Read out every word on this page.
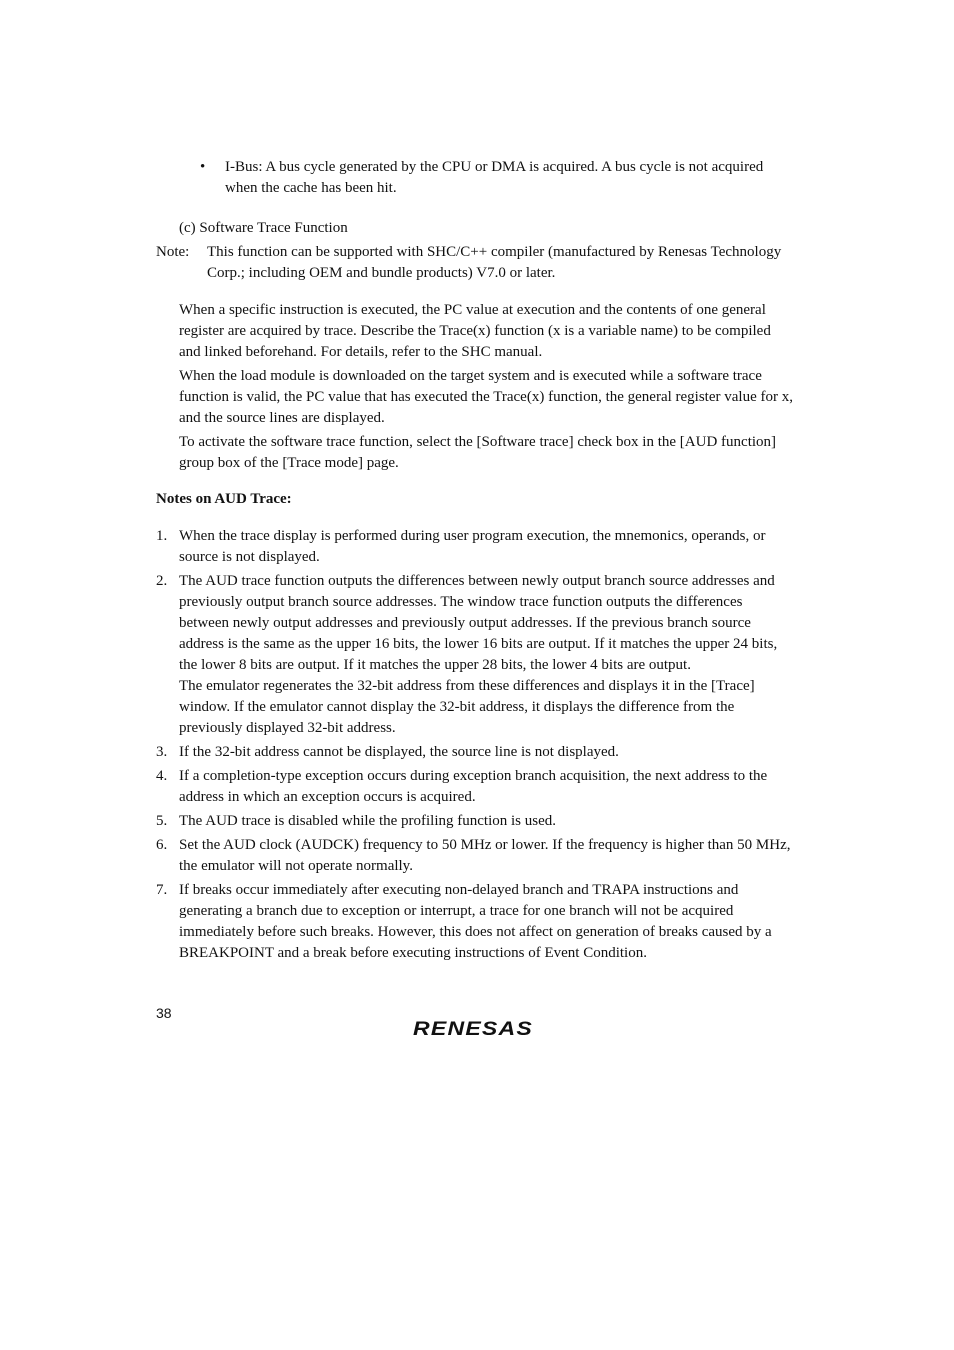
• I-Bus: A bus cycle generated by the CPU or DMA is acquired. A bus cycle is not acquired when the cache has been hit.
(c) Software Trace Function
Note: This function can be supported with SHC/C++ compiler (manufactured by Renesas Technology Corp.; including OEM and bundle products) V7.0 or later.

When a specific instruction is executed, the PC value at execution and the contents of one general register are acquired by trace. Describe the Trace(x) function (x is a variable name) to be compiled and linked beforehand. For details, refer to the SHC manual.

When the load module is downloaded on the target system and is executed while a software trace function is valid, the PC value that has executed the Trace(x) function, the general register value for x, and the source lines are displayed.

To activate the software trace function, select the [Software trace] check box in the [AUD function] group box of the [Trace mode] page.

Notes on AUD Trace:
1. When the trace display is performed during user program execution, the mnemonics, operands, or source is not displayed.
2. The AUD trace function outputs the differences between newly output branch source addresses and previously output branch source addresses. The window trace function outputs the differences between newly output addresses and previously output addresses. If the previous branch source address is the same as the upper 16 bits, the lower 16 bits are output. If it matches the upper 24 bits, the lower 8 bits are output. If it matches the upper 28 bits, the lower 4 bits are output.
The emulator regenerates the 32-bit address from these differences and displays it in the [Trace] window. If the emulator cannot display the 32-bit address, it displays the difference from the previously displayed 32-bit address.
3. If the 32-bit address cannot be displayed, the source line is not displayed.
4. If a completion-type exception occurs during exception branch acquisition, the next address to the address in which an exception occurs is acquired.
5. The AUD trace is disabled while the profiling function is used.
6. Set the AUD clock (AUDCK) frequency to 50 MHz or lower. If the frequency is higher than 50 MHz, the emulator will not operate normally.
7. If breaks occur immediately after executing non-delayed branch and TRAPA instructions and generating a branch due to exception or interrupt, a trace for one branch will not be acquired immediately before such breaks. However, this does not affect on generation of breaks caused by a BREAKPOINT and a break before executing instructions of Event Condition.
38
RENESAS
